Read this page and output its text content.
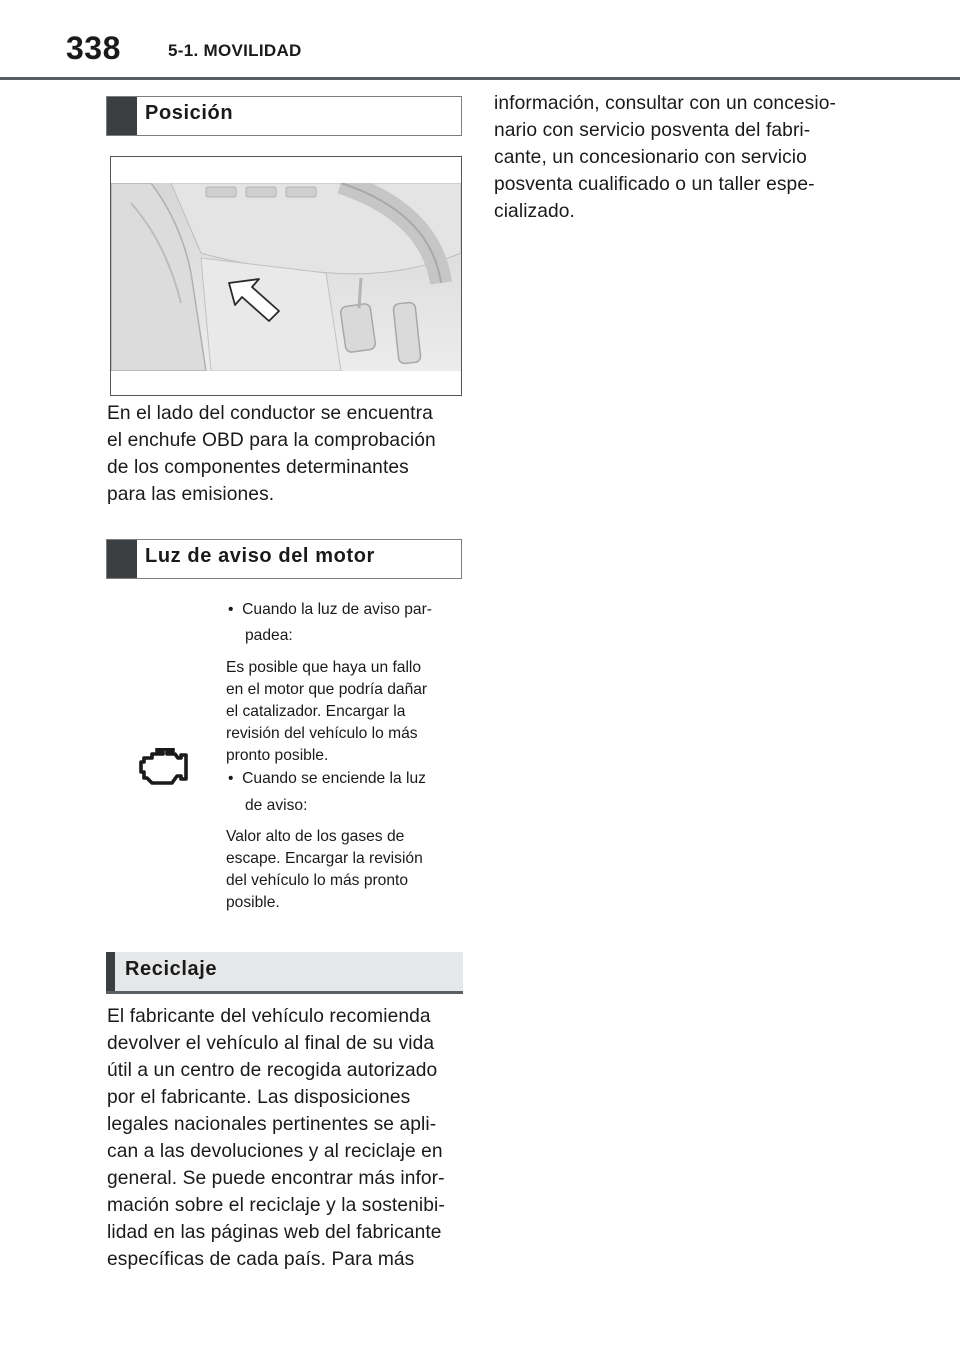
338	5-1. MOVILIDAD
Posición

En el lado del conductor se encuentra
el enchufe OBD para la comprobación
de los componentes determinantes
para las emisiones.

Luz de aviso del motor
• Cuando la luz de aviso par-
padea:

Es posible que haya un fallo
en el motor que podría dañar
el catalizador. Encargar la
revisión del vehículo lo más
pronto posible.

• Cuando se enciende la luz
de aviso:

Valor alto de los gases de
escape. Encargar la revisión
del vehículo lo más pronto
posible.

Reciclaje

El fabricante del vehículo recomienda
devolver el vehículo al final de su vida
útil a un centro de recogida autorizado
por el fabricante. Las disposiciones
legales nacionales pertinentes se apli-
can a las devoluciones y al reciclaje en
general. Se puede encontrar más infor-
mación sobre el reciclaje y la sostenibi-
lidad en las páginas web del fabricante
específicas de cada país. Para más

información, consultar con un concesio-
nario con servicio posventa del fabri-
cante, un concesionario con servicio
posventa cualificado o un taller espe-
cializado.
